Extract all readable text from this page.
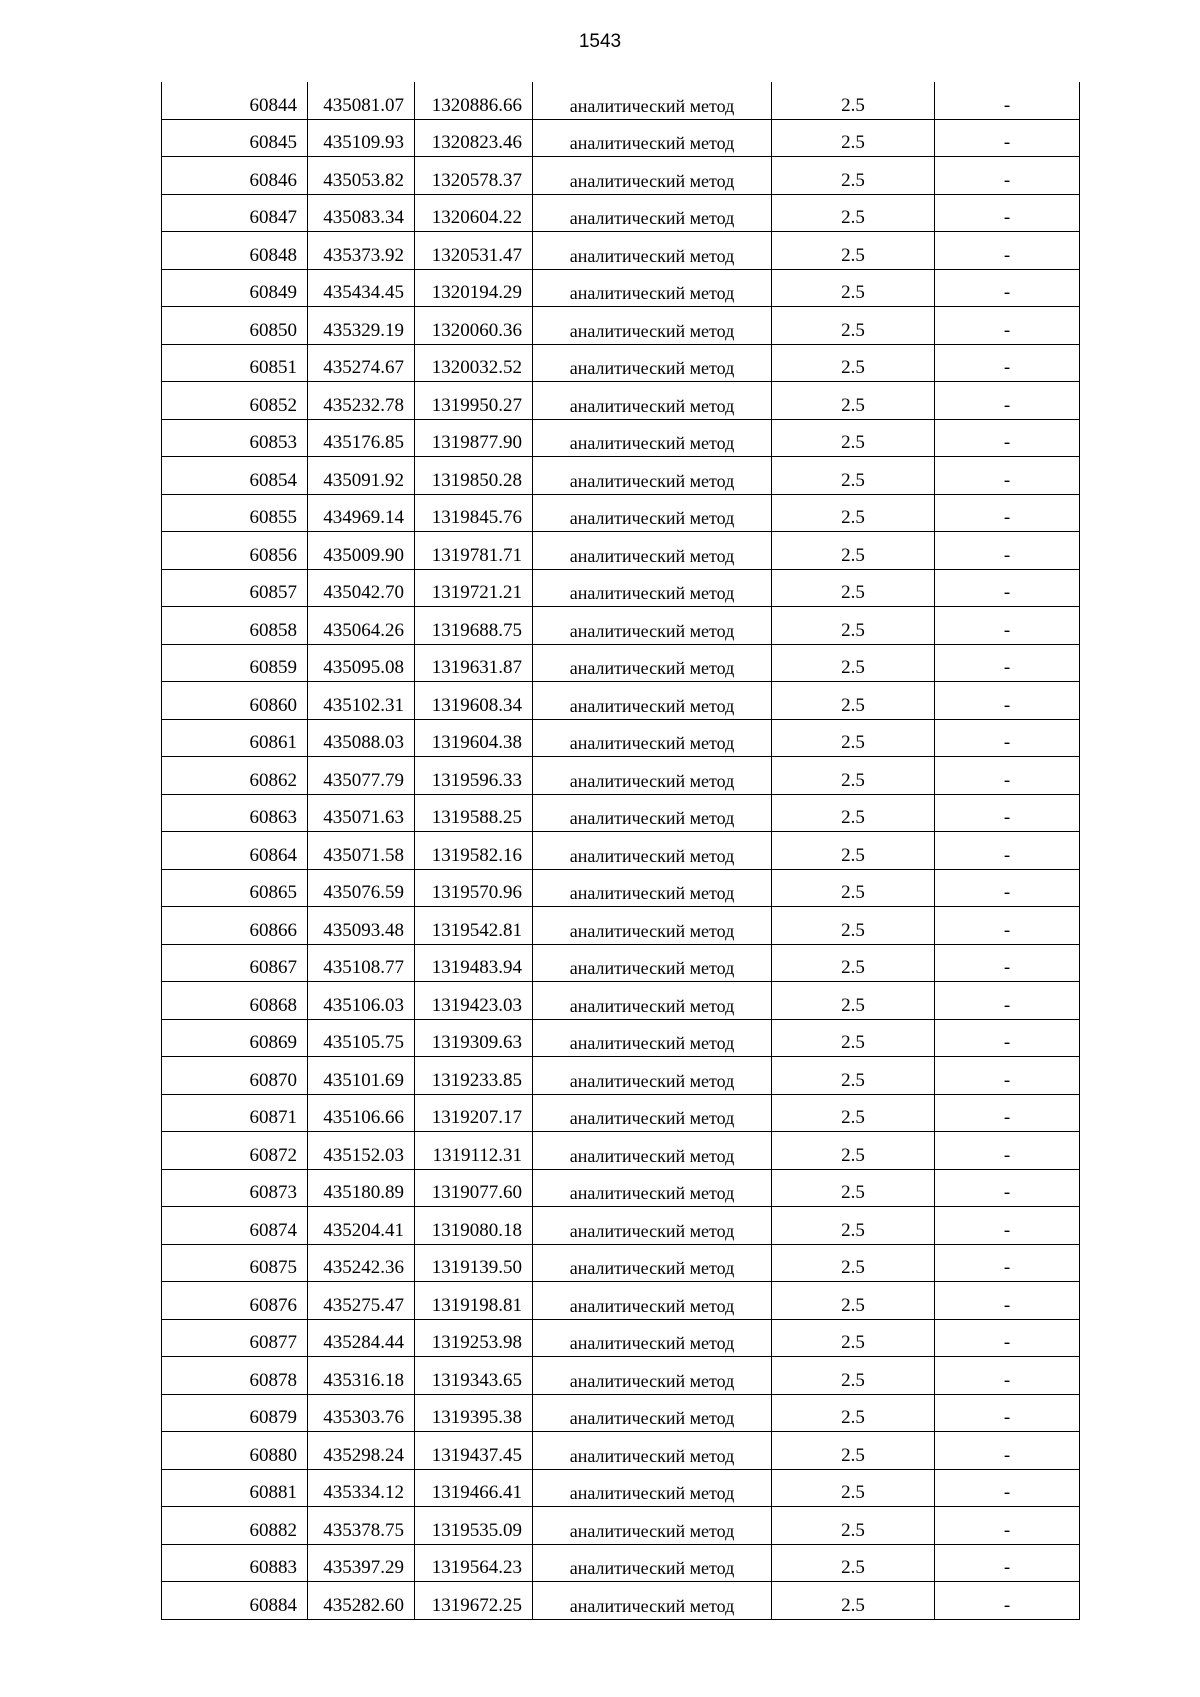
1543
60844	435081.07	1320886.66	аналитический метод	2.5	-
60845	435109.93	1320823.46	аналитический метод	2.5	-
60846	435053.82	1320578.37	аналитический метод	2.5	-
60847	435083.34	1320604.22	аналитический метод	2.5	-
60848	435373.92	1320531.47	аналитический метод	2.5	-
60849	435434.45	1320194.29	аналитический метод	2.5	-
60850	435329.19	1320060.36	аналитический метод	2.5	-
60851	435274.67	1320032.52	аналитический метод	2.5	-
60852	435232.78	1319950.27	аналитический метод	2.5	-
60853	435176.85	1319877.90	аналитический метод	2.5	-
60854	435091.92	1319850.28	аналитический метод	2.5	-
60855	434969.14	1319845.76	аналитический метод	2.5	-
60856	435009.90	1319781.71	аналитический метод	2.5	-
60857	435042.70	1319721.21	аналитический метод	2.5	-
60858	435064.26	1319688.75	аналитический метод	2.5	-
60859	435095.08	1319631.87	аналитический метод	2.5	-
60860	435102.31	1319608.34	аналитический метод	2.5	-
60861	435088.03	1319604.38	аналитический метод	2.5	-
60862	435077.79	1319596.33	аналитический метод	2.5	-
60863	435071.63	1319588.25	аналитический метод	2.5	-
60864	435071.58	1319582.16	аналитический метод	2.5	-
60865	435076.59	1319570.96	аналитический метод	2.5	-
60866	435093.48	1319542.81	аналитический метод	2.5	-
60867	435108.77	1319483.94	аналитический метод	2.5	-
60868	435106.03	1319423.03	аналитический метод	2.5	-
60869	435105.75	1319309.63	аналитический метод	2.5	-
60870	435101.69	1319233.85	аналитический метод	2.5	-
60871	435106.66	1319207.17	аналитический метод	2.5	-
60872	435152.03	1319112.31	аналитический метод	2.5	-
60873	435180.89	1319077.60	аналитический метод	2.5	-
60874	435204.41	1319080.18	аналитический метод	2.5	-
60875	435242.36	1319139.50	аналитический метод	2.5	-
60876	435275.47	1319198.81	аналитический метод	2.5	-
60877	435284.44	1319253.98	аналитический метод	2.5	-
60878	435316.18	1319343.65	аналитический метод	2.5	-
60879	435303.76	1319395.38	аналитический метод	2.5	-
60880	435298.24	1319437.45	аналитический метод	2.5	-
60881	435334.12	1319466.41	аналитический метод	2.5	-
60882	435378.75	1319535.09	аналитический метод	2.5	-
60883	435397.29	1319564.23	аналитический метод	2.5	-
60884	435282.60	1319672.25	аналитический метод	2.5	-
